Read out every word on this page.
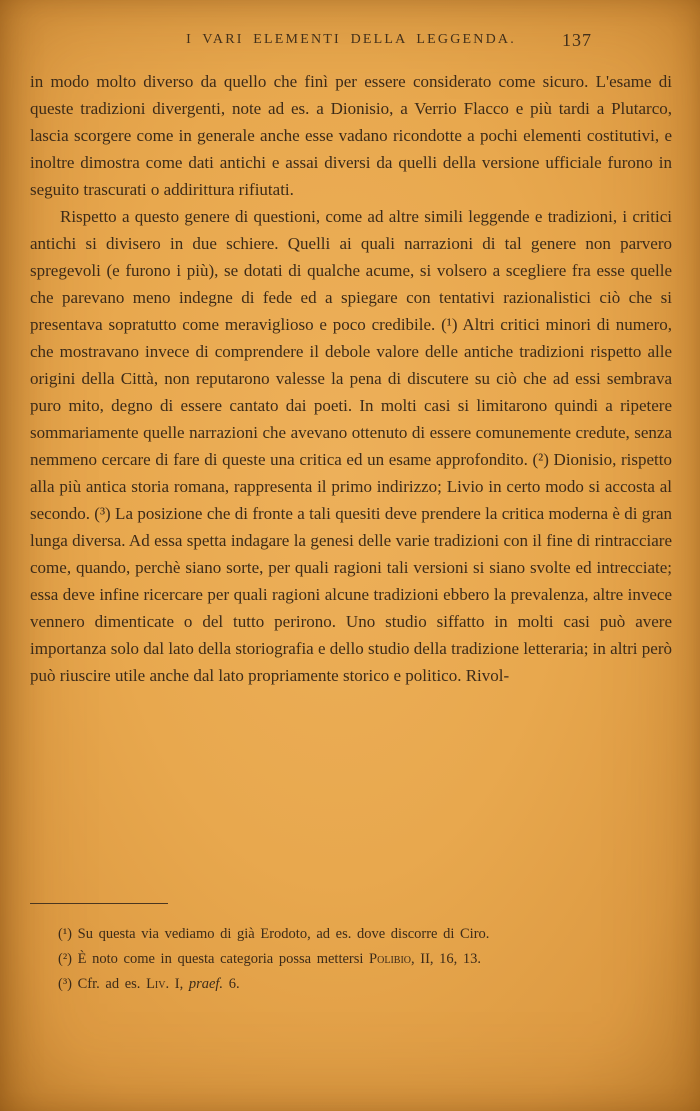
I VARI ELEMENTI DELLA LEGGENDA.	137

in modo molto diverso da quello che finì per essere considerato come sicuro. L'esame di queste tradizioni divergenti, note ad es. a Dionisio, a Verrio Flacco e più tardi a Plutarco, lascia scorgere come in generale anche esse vadano ricondotte a pochi elementi costitutivi, e inoltre dimostra come dati antichi e assai diversi da quelli della versione ufficiale furono in seguito trascurati o addirittura rifiutati.

Rispetto a questo genere di questioni, come ad altre simili leggende e tradizioni, i critici antichi si divisero in due schiere. Quelli ai quali narrazioni di tal genere non parvero spregevoli (e furono i più), se dotati di qualche acume, si volsero a scegliere fra esse quelle che parevano meno indegne di fede ed a spiegare con tentativi razionalistici ciò che si presentava sopratutto come meraviglioso e poco credibile. (¹) Altri critici minori di numero, che mostravano invece di comprendere il debole valore delle antiche tradizioni rispetto alle origini della Città, non reputarono valesse la pena di discutere su ciò che ad essi sembrava puro mito, degno di essere cantato dai poeti. In molti casi si limitarono quindi a ripetere sommariamente quelle narrazioni che avevano ottenuto di essere comunemente credute, senza nemmeno cercare di fare di queste una critica ed un esame approfondito. (²) Dionisio, rispetto alla più antica storia romana, rappresenta il primo indirizzo; Livio in certo modo si accosta al secondo. (³) La posizione che di fronte a tali quesiti deve prendere la critica moderna è di gran lunga diversa. Ad essa spetta indagare la genesi delle varie tradizioni con il fine di rintracciare come, quando, perchè siano sorte, per quali ragioni tali versioni si siano svolte ed intrecciate; essa deve infine ricercare per quali ragioni alcune tradizioni ebbero la prevalenza, altre invece vennero dimenticate o del tutto perirono. Uno studio siffatto in molti casi può avere importanza solo dal lato della storiografia e dello studio della tradizione letteraria; in altri però può riuscire utile anche dal lato propriamente storico e politico. Rivol-

(¹) Su questa via vediamo di già Erodoto, ad es. dove discorre di Ciro.

(²) È noto come in questa categoria possa mettersi Polibio, II, 16, 13.

(³) Cfr. ad es. Liv. I, praef. 6.
